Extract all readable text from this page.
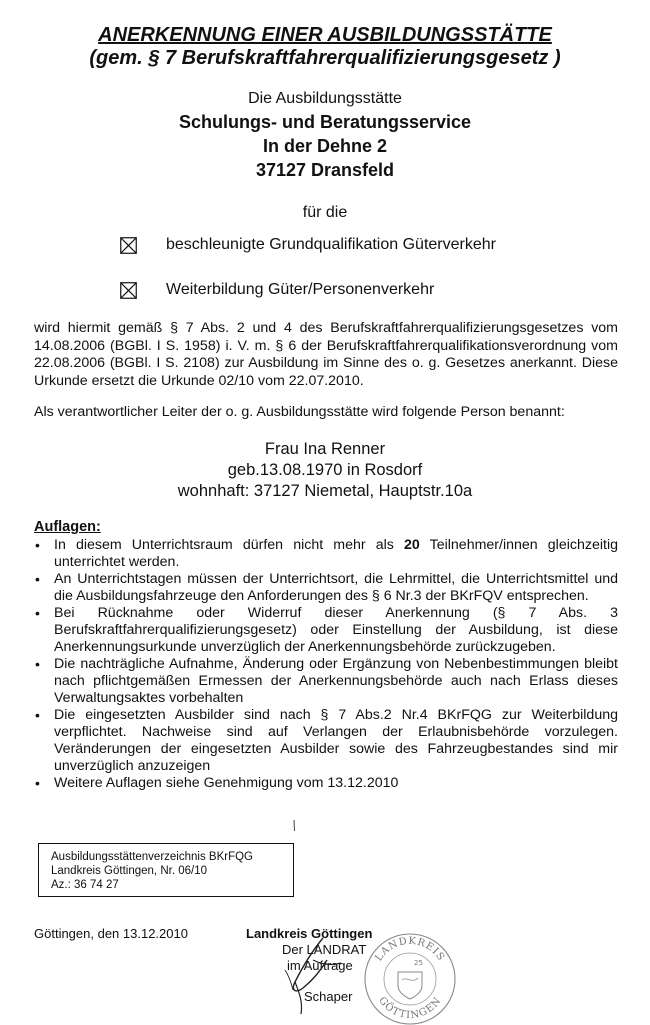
ANERKENNUNG EINER AUSBILDUNGSSTÄTTE
(gem. § 7 Berufskraftfahrerqualifizierungsgesetz )
Die Ausbildungsstätte
Schulungs- und Beratungsservice
In der Dehne 2
37127 Dransfeld
für die
beschleunigte Grundqualifikation Güterverkehr
Weiterbildung Güter/Personenverkehr
wird hiermit gemäß § 7 Abs. 2 und 4 des Berufskraftfahrerqualifizierungsgesetzes vom 14.08.2006 (BGBl. I S. 1958) i. V. m. § 6 der Berufskraftfahrerqualifikationsverordnung vom 22.08.2006 (BGBl. I S. 2108) zur Ausbildung im Sinne des o. g. Gesetzes anerkannt. Diese Urkunde ersetzt die Urkunde 02/10 vom 22.07.2010.
Als verantwortlicher Leiter der o. g. Ausbildungsstätte wird folgende Person benannt:
Frau Ina Renner
geb.13.08.1970 in Rosdorf
wohnhaft: 37127 Niemetal, Hauptstr.10a
Auflagen:
• In diesem Unterrichtsraum dürfen nicht mehr als 20 Teilnehmer/innen gleichzeitig unterrichtet werden.
• An Unterrichtstagen müssen der Unterrichtsort, die Lehrmittel, die Unterrichtsmittel und die Ausbildungsfahrzeuge den Anforderungen des § 6 Nr.3 der BKrFQV entsprechen.
• Bei Rücknahme oder Widerruf dieser Anerkennung (§ 7 Abs. 3 Berufskraftfahrerqualifizierungsgesetz) oder Einstellung der Ausbildung, ist diese Anerkennungsurkunde unverzüglich der Anerkennungsbehörde zurückzugeben.
• Die nachträgliche Aufnahme, Änderung oder Ergänzung von Nebenbestimmungen bleibt nach pflichtgemäßen Ermessen der Anerkennungsbehörde auch nach Erlass dieses Verwaltungsaktes vorbehalten
• Die eingesetzten Ausbilder sind nach § 7 Abs.2 Nr.4 BKrFQG zur Weiterbildung verpflichtet. Nachweise sind auf Verlangen der Erlaubnisbehörde vorzulegen. Veränderungen der eingesetzten Ausbilder sowie des Fahrzeugbestandes sind mir unverzüglich anzuzeigen
• Weitere Auflagen siehe Genehmigung vom 13.12.2010
Ausbildungsstättenverzeichnis BKrFQG
Landkreis Göttingen, Nr. 06/10
Az.: 36 74 27
Göttingen, den 13.12.2010	Landkreis Göttingen
Der LANDRAT
im Auftrage
Schaper
LANDKREIS
GÖTTINGEN
25
